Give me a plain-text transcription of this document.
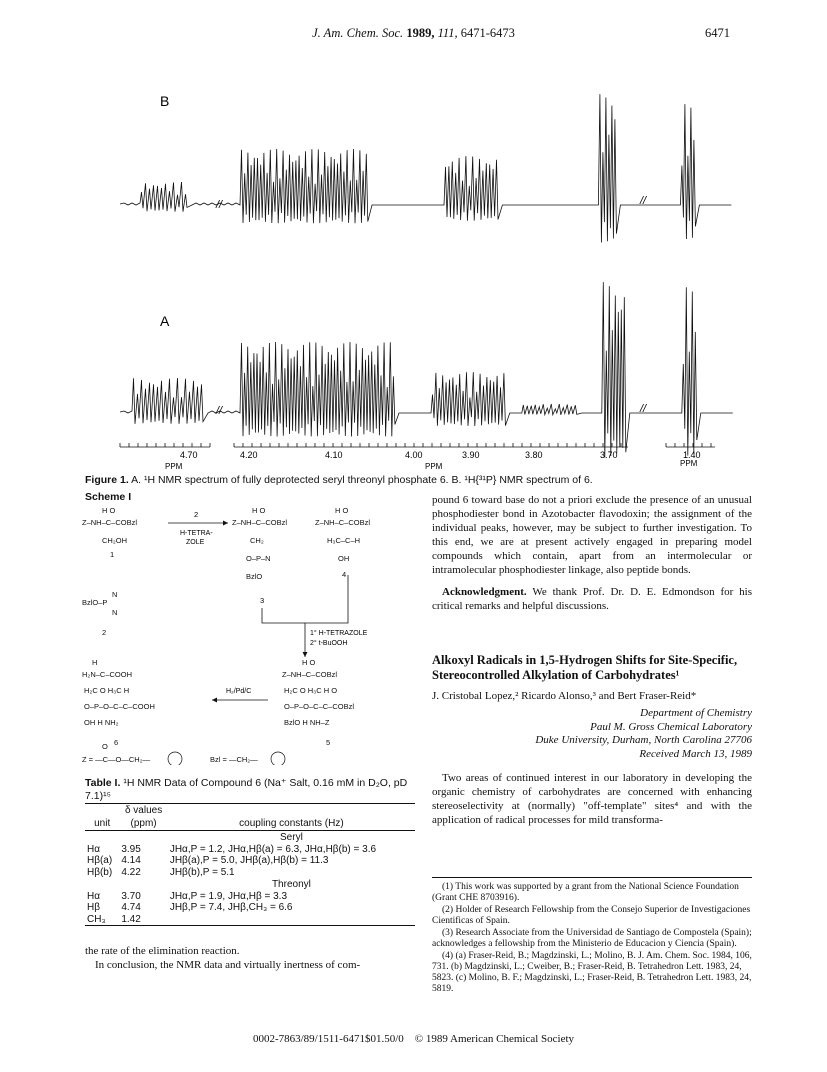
J. Am. Chem. Soc. 1989, 111, 6471-6473	6471
B
A
//	//
//	//
4.70	4.20	4.10	4.00	3.90	3.80	3.70	1.40
PPM	PPM	PPM
Figure 1. A. ¹H NMR spectrum of fully deprotected seryl threonyl phosphate 6. B. ¹H{³¹P} NMR spectrum of 6.
Scheme I
H O
Z–NH–C–COBzl
CH₂OH
1
2
H-TETRA-
ZOLE
H O
Z–NH–C–COBzl
CH₂
O–P–N
BzlO
H O
Z–NH–C–COBzl
H₃C–C–H
OH
4
BzlO–P
N
N
2
3
1° H-TETRAZOLE
2° t-BuOOH
H
H₂N–C–COOH
H₂C O H₃C H
O–P–O–C–C–COOH
OH H NH₂
6
H₂/Pd/C
H O
Z–NH–C–COBzl
H₂C O H₃C H O
O–P–O–C–C–COBzl
BzlO H NH–Z
5
O
Z = —C—O—CH₂—	Bzl = —CH₂—
Table I. ¹H NMR Data of Compound 6 (Na⁺ Salt, 0.16 mM in D₂O, pD 7.1)¹⁵
	δ values	
unit	(ppm)	coupling constants (Hz)
		Seryl
Hα	3.95	JHα,P = 1.2, JHα,Hβ(a) = 6.3, JHα,Hβ(b) = 3.6
Hβ(a)	4.14	JHβ(a),P = 5.0, JHβ(a),Hβ(b) = 11.3
Hβ(b)	4.22	JHβ(b),P = 5.1
		Threonyl
Hα	3.70	JHα,P = 1.9, JHα,Hβ = 3.3
Hβ	4.74	JHβ,P = 7.4, JHβ,CH₃ = 6.6
CH₃	1.42	

the rate of the elimination reaction.

In conclusion, the NMR data and virtually inertness of com-

pound 6 toward base do not a priori exclude the presence of an unusual phosphodiester bond in Azotobacter flavodoxin; the assignment of the individual peaks, however, may be subject to further investigation. To this end, we are at present actively engaged in preparing model compounds which contain, apart from an intermolecular or intramolecular phosphodiester linkage, also peptide bonds.

Acknowledgment. We thank Prof. Dr. D. E. Edmondson for his critical remarks and helpful discussions.

Alkoxyl Radicals in 1,5-Hydrogen Shifts for Site-Specific, Stereocontrolled Alkylation of Carbohydrates¹
J. Cristobal Lopez,² Ricardo Alonso,³ and Bert Fraser-Reid*
Department of Chemistry
Paul M. Gross Chemical Laboratory
Duke University, Durham, North Carolina 27706
Received March 13, 1989

Two areas of continued interest in our laboratory in developing the organic chemistry of carbohydrates are concerned with enhancing stereoselectivity at (normally) "off-template" sites⁴ and with the application of radical processes for mild transforma-

(1) This work was supported by a grant from the National Science Foundation (Grant CHE 8703916).

(2) Holder of Research Fellowship from the Consejo Superior de Investigaciones Cientificas of Spain.

(3) Research Associate from the Universidad de Santiago de Compostela (Spain); acknowledges a fellowship from the Ministerio de Educacion y Ciencia (Spain).

(4) (a) Fraser-Reid, B.; Magdzinski, L.; Molino, B. J. Am. Chem. Soc. 1984, 106, 731. (b) Magdzinski, L.; Cweiber, B.; Fraser-Reid, B. Tetrahedron Lett. 1983, 24, 5823. (c) Molino, B. F.; Magdzinski, L.; Fraser-Reid, B. Tetrahedron Lett. 1983, 24, 5819.

0002-7863/89/1511-6471$01.50/0 © 1989 American Chemical Society
